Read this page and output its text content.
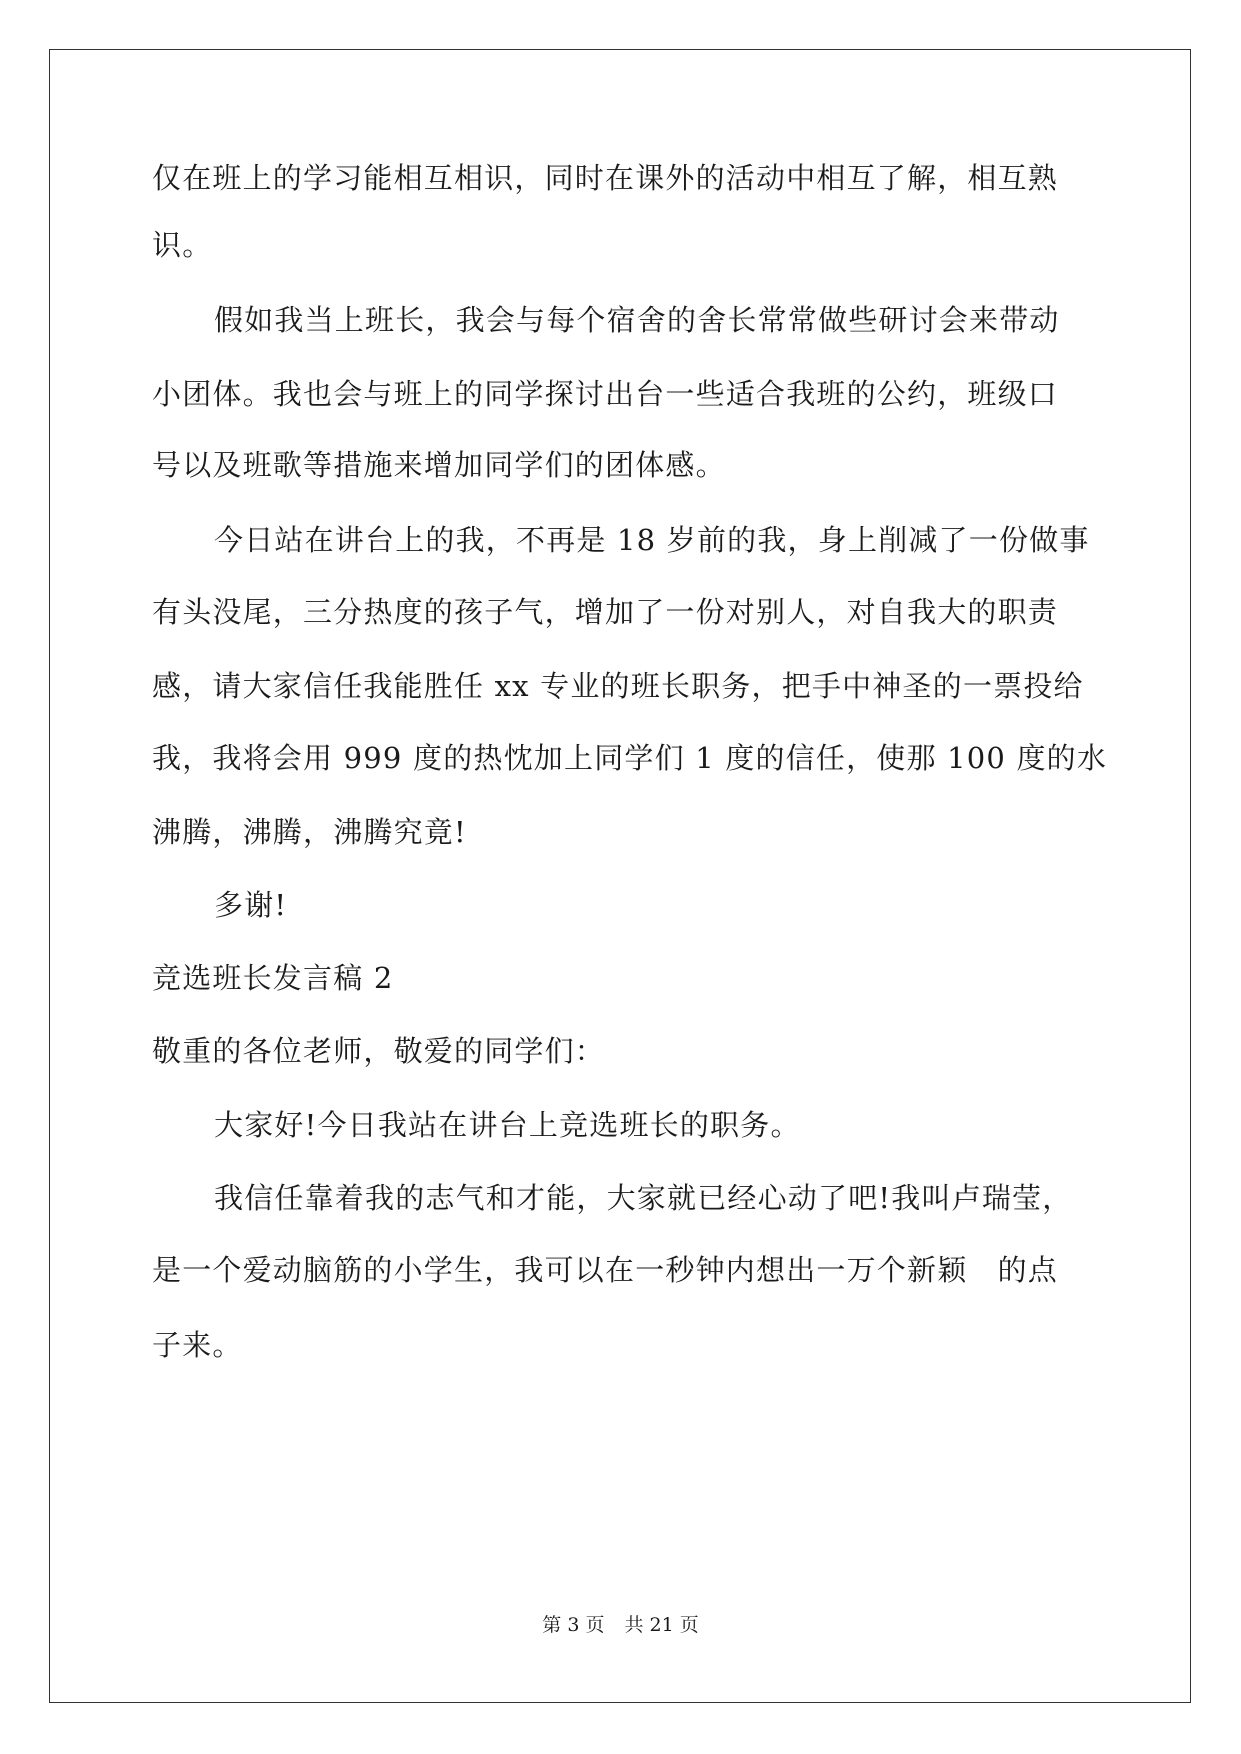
仅在班上的学习能相互相识，同时在课外的活动中相互了解，相互熟
识。
假如我当上班长，我会与每个宿舍的舍长常常做些研讨会来带动
小团体。我也会与班上的同学探讨出台一些适合我班的公约，班级口
号以及班歌等措施来增加同学们的团体感。
今日站在讲台上的我，不再是 18 岁前的我，身上削减了一份做事
有头没尾，三分热度的孩子气，增加了一份对别人，对自我大的职责
感，请大家信任我能胜任 xx 专业的班长职务，把手中神圣的一票投给
我，我将会用 999 度的热忱加上同学们 1 度的信任，使那 100 度的水
沸腾，沸腾，沸腾究竟!
多谢!
竞选班长发言稿 2
敬重的各位老师，敬爱的同学们：
大家好!今日我站在讲台上竞选班长的职务。
我信任靠着我的志气和才能，大家就已经心动了吧!我叫卢瑞莹，
是一个爱动脑筋的小学生，我可以在一秒钟内想出一万个新颖　的点
子来。
第 3 页 共 21 页
